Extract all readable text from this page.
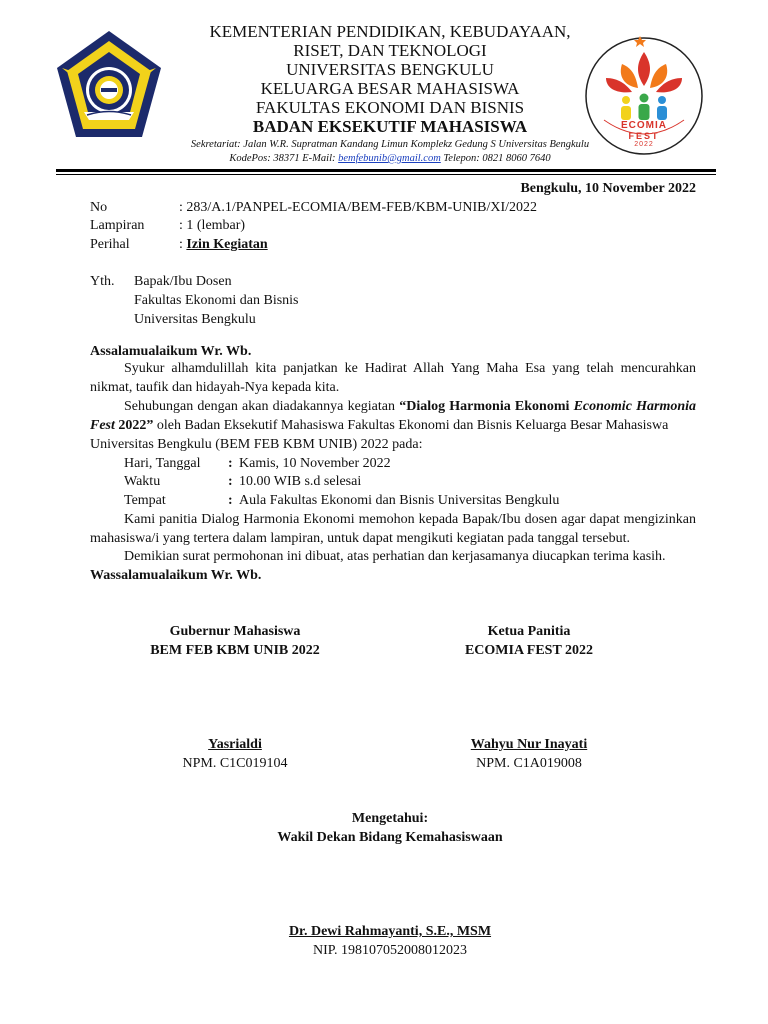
ECOMIA
FEST
2022
KEMENTERIAN PENDIDIKAN, KEBUDAYAAN,
RISET, DAN TEKNOLOGI
UNIVERSITAS BENGKULU
KELUARGA BESAR MAHASISWA
FAKULTAS EKONOMI DAN BISNIS
BADAN EKSEKUTIF MAHASISWA
Sekretariat: Jalan W.R. Supratman Kandang Limun Komplekz Gedung S Universitas Bengkulu
KodePos: 38371 E-Mail: bemfebunib@gmail.com Telepon: 0821 8060 7640
Bengkulu, 10 November 2022
No	: 283/A.1/PANPEL-ECOMIA/BEM-FEB/KBM-UNIB/XI/2022
Lampiran : 1 (lembar)
Perihal	: Izin Kegiatan
Yth. Bapak/Ibu Dosen
Fakultas Ekonomi dan Bisnis
Universitas Bengkulu
Assalamualaikum Wr. Wb.
Syukur alhamdulillah kita panjatkan ke Hadirat Allah Yang Maha Esa yang telah mencurahkan
nikmat, taufik dan hidayah-Nya kepada kita.
Sehubungan dengan akan diadakannya kegiatan “Dialog Harmonia Ekonomi Economic Harmonia Fest 2022” oleh Badan Eksekutif Mahasiswa Fakultas Ekonomi dan Bisnis Keluarga Besar Mahasiswa
Universitas Bengkulu (BEM FEB KBM UNIB) 2022 pada:
Hari, Tanggal : Kamis, 10 November 2022
Waktu	: 10.00 WIB s.d selesai
Tempat	: Aula Fakultas Ekonomi dan Bisnis Universitas Bengkulu
Kami panitia Dialog Harmonia Ekonomi memohon kepada Bapak/Ibu dosen agar dapat mengizinkan
mahasiswa/i yang tertera dalam lampiran, untuk dapat mengikuti kegiatan pada tanggal tersebut.
Demikian surat permohonan ini dibuat, atas perhatian dan kerjasamanya diucapkan terima kasih.
Wassalamualaikum Wr. Wb.
Gubernur Mahasiswa
BEM FEB KBM UNIB 2022
Yasrialdi
NPM. C1C019104
Ketua Panitia
ECOMIA FEST 2022
Wahyu Nur Inayati
NPM. C1A019008
Mengetahui:
Wakil Dekan Bidang Kemahasiswaan
Dr. Dewi Rahmayanti, S.E., MSM
NIP. 198107052008012023
